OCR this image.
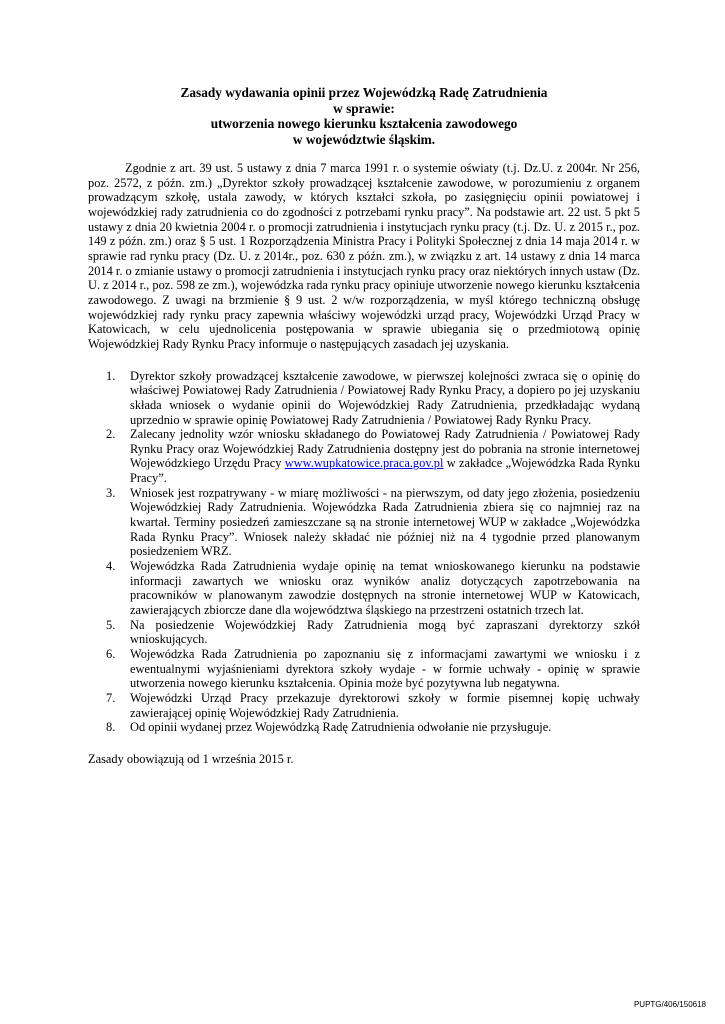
Zasady wydawania opinii przez Wojewódzką Radę Zatrudnienia
w sprawie:
utworzenia nowego kierunku kształcenia zawodowego
w województwie śląskim.

Zgodnie z art. 39 ust. 5 ustawy z dnia 7 marca 1991 r. o systemie oświaty (t.j. Dz.U. z 2004r. Nr 256, poz. 2572, z późn. zm.) „Dyrektor szkoły prowadzącej kształcenie zawodowe, w porozumieniu z organem prowadzącym szkołę, ustala zawody, w których kształci szkoła, po zasięgnięciu opinii powiatowej i wojewódzkiej rady zatrudnienia co do zgodności z potrzebami rynku pracy”. Na podstawie art. 22 ust. 5 pkt 5 ustawy z dnia 20 kwietnia 2004 r. o promocji zatrudnienia i instytucjach rynku pracy (t.j. Dz. U. z 2015 r., poz. 149 z późn. zm.) oraz § 5 ust. 1 Rozporządzenia Ministra Pracy i Polityki Społecznej z dnia 14 maja 2014 r. w sprawie rad rynku pracy (Dz. U. z 2014r., poz. 630 z późn. zm.), w związku z art. 14 ustawy z dnia 14 marca 2014 r. o zmianie ustawy o promocji zatrudnienia i instytucjach rynku pracy oraz niektórych innych ustaw (Dz. U. z 2014 r., poz. 598 ze zm.), wojewódzka rada rynku pracy opiniuje utworzenie nowego kierunku kształcenia zawodowego. Z uwagi na brzmienie § 9 ust. 2 w/w rozporządzenia, w myśl którego techniczną obsługę wojewódzkiej rady rynku pracy zapewnia właściwy wojewódzki urząd pracy, Wojewódzki Urząd Pracy w Katowicach, w celu ujednolicenia postępowania w sprawie ubiegania się o przedmiotową opinię Wojewódzkiej Rady Rynku Pracy informuje o następujących zasadach jej uzyskania.

1. Dyrektor szkoły prowadzącej kształcenie zawodowe, w pierwszej kolejności zwraca się o opinię do właściwej Powiatowej Rady Zatrudnienia / Powiatowej Rady Rynku Pracy, a dopiero po jej uzyskaniu składa wniosek o wydanie opinii do Wojewódzkiej Rady Zatrudnienia, przedkładając wydaną uprzednio w sprawie opinię Powiatowej Rady Zatrudnienia / Powiatowej Rady Rynku Pracy.
2. Zalecany jednolity wzór wniosku składanego do Powiatowej Rady Zatrudnienia / Powiatowej Rady Rynku Pracy oraz Wojewódzkiej Rady Zatrudnienia dostępny jest do pobrania na stronie internetowej Wojewódzkiego Urzędu Pracy www.wupkatowice.praca.gov.pl w zakładce „Wojewódzka Rada Rynku Pracy”.
3. Wniosek jest rozpatrywany - w miarę możliwości - na pierwszym, od daty jego złożenia, posiedzeniu Wojewódzkiej Rady Zatrudnienia. Wojewódzka Rada Zatrudnienia zbiera się co najmniej raz na kwartał. Terminy posiedzeń zamieszczane są na stronie internetowej WUP w zakładce „Wojewódzka Rada Rynku Pracy”. Wniosek należy składać nie później niż na 4 tygodnie przed planowanym posiedzeniem WRZ.
4. Wojewódzka Rada Zatrudnienia wydaje opinię na temat wnioskowanego kierunku na podstawie informacji zawartych we wniosku oraz wyników analiz dotyczących zapotrzebowania na pracowników w planowanym zawodzie dostępnych na stronie internetowej WUP w Katowicach, zawierających zbiorcze dane dla województwa śląskiego na przestrzeni ostatnich trzech lat.
5. Na posiedzenie Wojewódzkiej Rady Zatrudnienia mogą być zapraszani dyrektorzy szkół wnioskujących.
6. Wojewódzka Rada Zatrudnienia po zapoznaniu się z informacjami zawartymi we wniosku i z ewentualnymi wyjaśnieniami dyrektora szkoły wydaje - w formie uchwały - opinię w sprawie utworzenia nowego kierunku kształcenia. Opinia może być pozytywna lub negatywna.
7. Wojewódzki Urząd Pracy przekazuje dyrektorowi szkoły w formie pisemnej kopię uchwały zawierającej opinię Wojewódzkiej Rady Zatrudnienia.
8. Od opinii wydanej przez Wojewódzką Radę Zatrudnienia odwołanie nie przysługuje.

Zasady obowiązują od 1 września 2015 r.

PUPTG/406/150618
